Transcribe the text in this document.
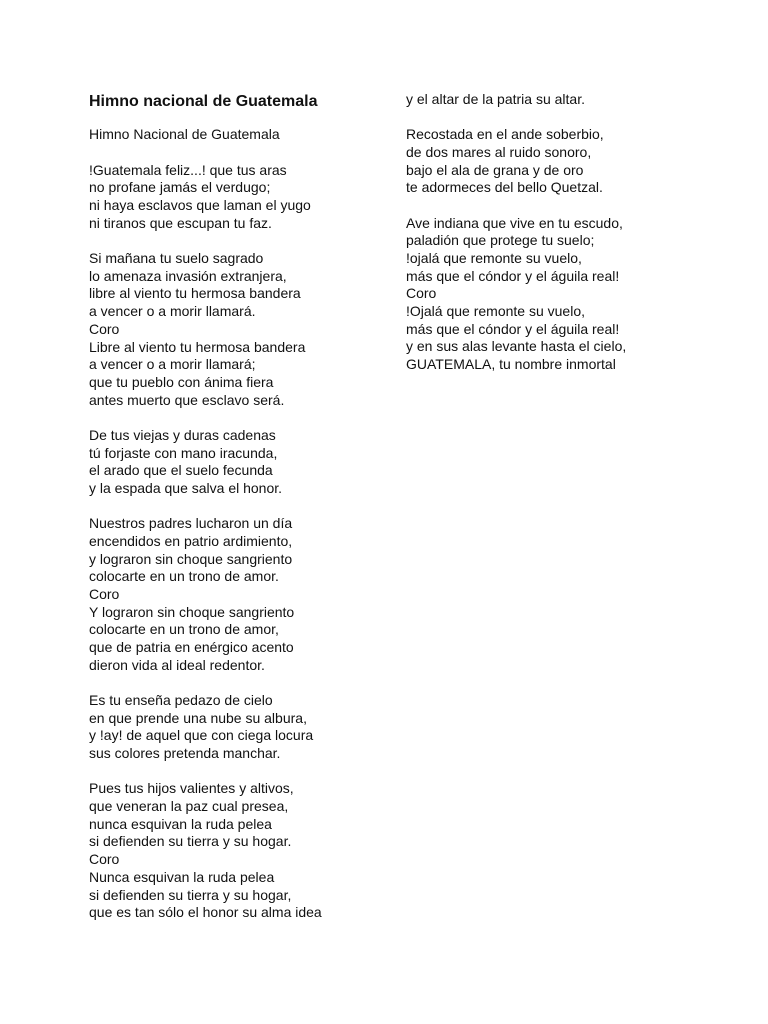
Himno nacional de Guatemala
Himno Nacional de Guatemala
!Guatemala feliz...! que tus aras
no profane jamás el verdugo;
ni haya esclavos que laman el yugo
ni tiranos que escupan tu faz.
Si mañana tu suelo sagrado
lo amenaza invasión extranjera,
libre al viento tu hermosa bandera
a vencer o a morir llamará.
Coro
Libre al viento tu hermosa bandera
a vencer o a morir llamará;
que tu pueblo con ánima fiera
antes muerto que esclavo será.
De tus viejas y duras cadenas
tú forjaste con mano iracunda,
el arado que el suelo fecunda
y la espada que salva el honor.
Nuestros padres lucharon un día
encendidos en patrio ardimiento,
y lograron sin choque sangriento
colocarte en un trono de amor.
Coro
Y lograron sin choque sangriento
colocarte en un trono de amor,
que de patria en enérgico acento
dieron vida al ideal redentor.
Es tu enseña pedazo de cielo
en que prende una nube su albura,
y !ay! de aquel que con ciega locura
sus colores pretenda manchar.
Pues tus hijos valientes y altivos,
que veneran la paz cual presea,
nunca esquivan la ruda pelea
si defienden su tierra y su hogar.
Coro
Nunca esquivan la ruda pelea
si defienden su tierra y su hogar,
que es tan sólo el honor su alma idea
y el altar de la patria su altar.
Recostada en el ande soberbio,
de dos mares al ruido sonoro,
bajo el ala de grana y de oro
te adormeces del bello Quetzal.
Ave indiana que vive en tu escudo,
paladión que protege tu suelo;
!ojalá que remonte su vuelo,
más que el cóndor y el águila real!
Coro
!Ojalá que remonte su vuelo,
más que el cóndor y el águila real!
y en sus alas levante hasta el cielo,
GUATEMALA, tu nombre inmortal
